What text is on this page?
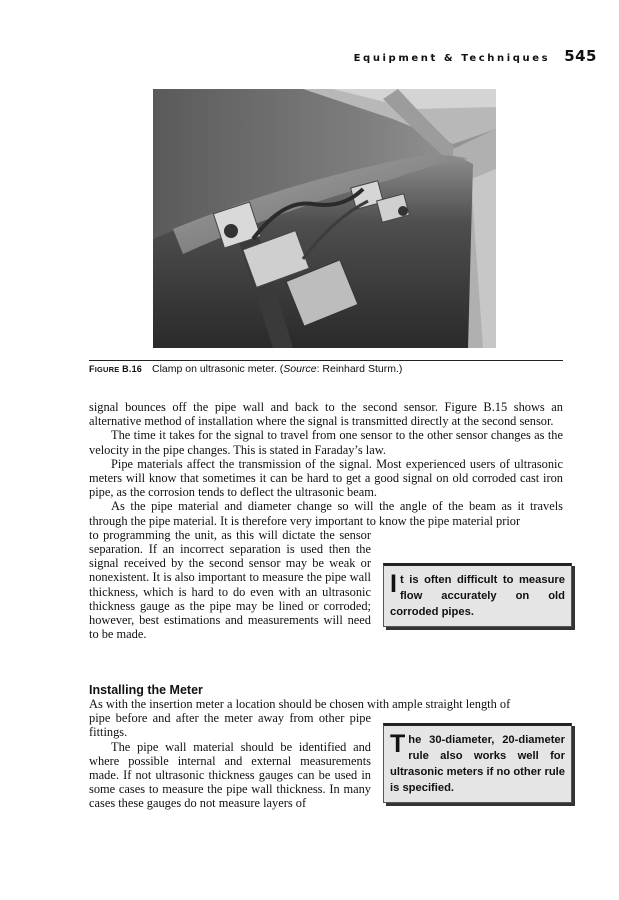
Equipment & Techniques 545
FIGURE B.16 Clamp on ultrasonic meter. (Source: Reinhard Sturm.)

signal bounces off the pipe wall and back to the second sensor. Figure B.15 shows an alternative method of installation where the signal is transmitted directly at the second sensor.

The time it takes for the signal to travel from one sensor to the other sensor changes as the velocity in the pipe changes. This is stated in Faraday’s law.

Pipe materials affect the transmission of the signal. Most experienced users of ultrasonic meters will know that sometimes it can be hard to get a good signal on old corroded cast iron pipe, as the corrosion tends to deflect the ultrasonic beam.

As the pipe material and diameter change so will the angle of the beam as it travels through the pipe material. It is therefore very important to know the pipe material prior

to programming the unit, as this will dictate the sensor separation. If an incorrect separation is used then the signal received by the second sensor may be weak or nonexistent. It is also important to measure the pipe wall thickness, which is hard to do even with an ultrasonic thickness gauge as the pipe may be lined or corroded; however, best estimations and measurements will need to be made.

It is often difficult to measure flow accurately on old corroded pipes.
Installing the Meter

As with the insertion meter a location should be chosen with ample straight length of

pipe before and after the meter away from other pipe fittings.

The pipe wall material should be identified and where possible internal and external measurements made. If not ultrasonic thickness gauges can be used in some cases to measure the pipe wall thickness. In many cases these gauges do not measure layers of

The 30-diameter, 20-diameter rule also works well for ultrasonic meters if no other rule is specified.
